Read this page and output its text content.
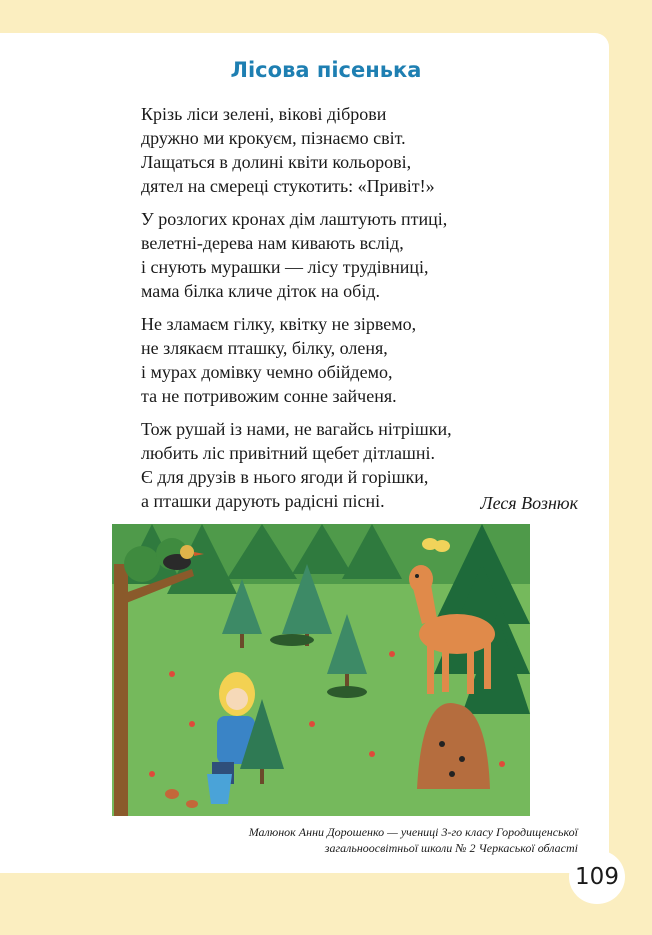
Лісова пісенька
Крізь ліси зелені, вікові діброви
дружно ми крокуєм, пізнаємо світ.
Лащаться в долині квіти кольорові,
дятел на смереці стукотить: «Привіт!»
У розлогих кронах дім лаштують птиці,
велетні-дерева нам кивають вслід,
і снують мурашки — лісу трудівниці,
мама білка кличе діток на обід.
Не зламаєм гілку, квітку не зірвемо,
не злякаєм пташку, білку, оленя,
і мурах домівку чемно обійдемо,
та не потривожим сонне зайченя.
Тож рушай із нами, не вагайсь нітрішки,
любить ліс привітний щебет дітлашні.
Є для друзів в нього ягоди й горішки,
а пташки дарують радісні пісні.	Леся Вознюк
Малюнок Анни Дорошенко — учениці 3-го класу Городищенської
загальноосвітньої школи № 2 Черкаської області
109
